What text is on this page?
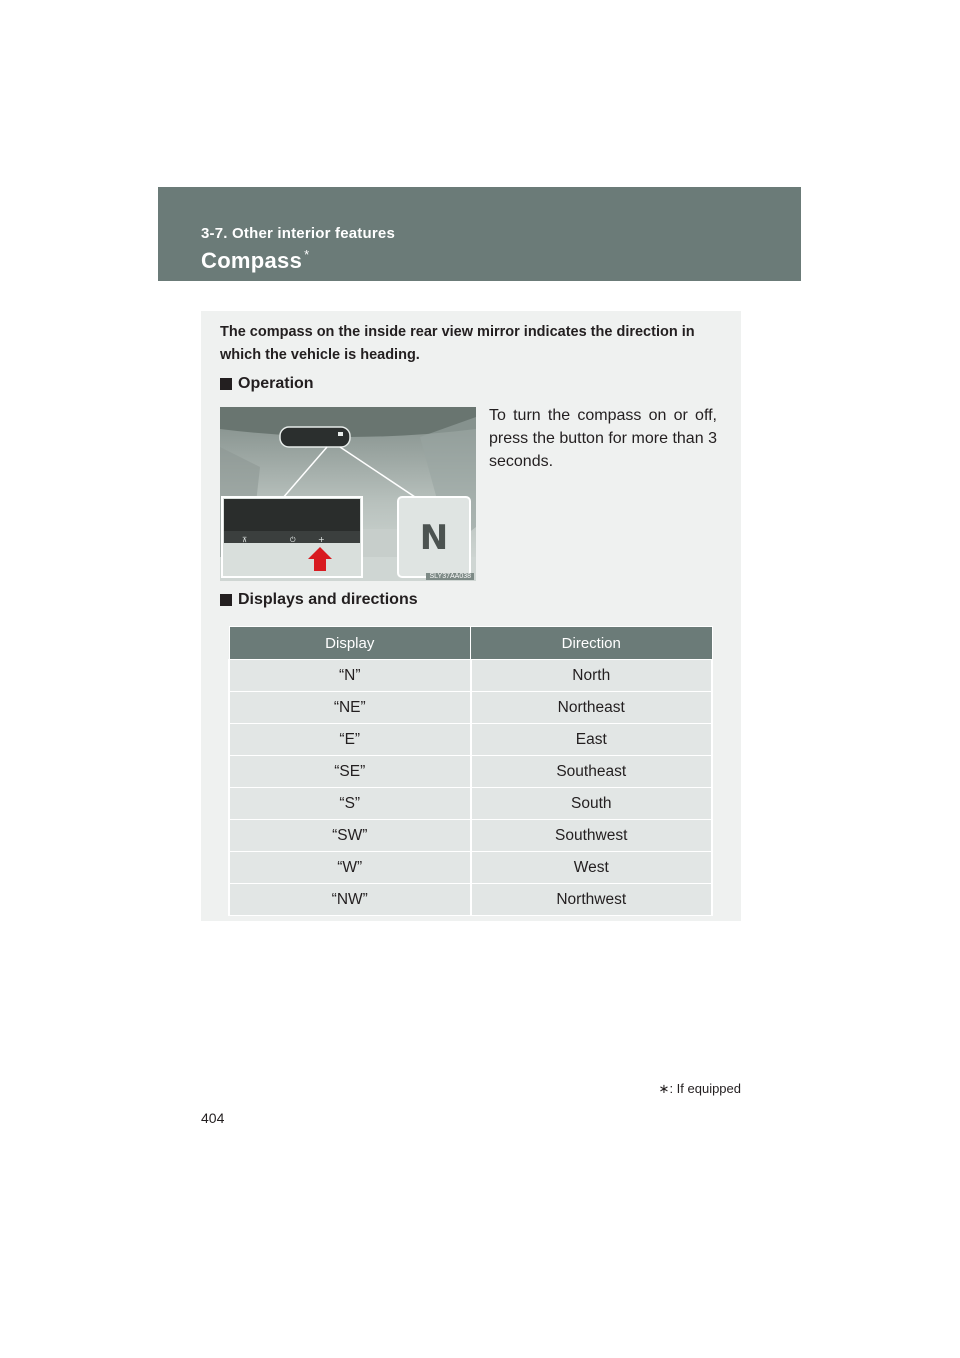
3-7. Other interior features
Compass *

The compass on the inside rear view mirror indicates the direction in which the vehicle is heading.

Operation
⊼	⏻	+	N
SLY37AA038

To turn the compass on or off, press the button for more than 3 seconds.

Displays and directions
Display	Direction
“N”	North
“NE”	Northeast
“E”	East
“SE”	Southeast
“S”	South
“SW”	Southwest
“W”	West
“NW”	Northwest
∗: If equipped
404
